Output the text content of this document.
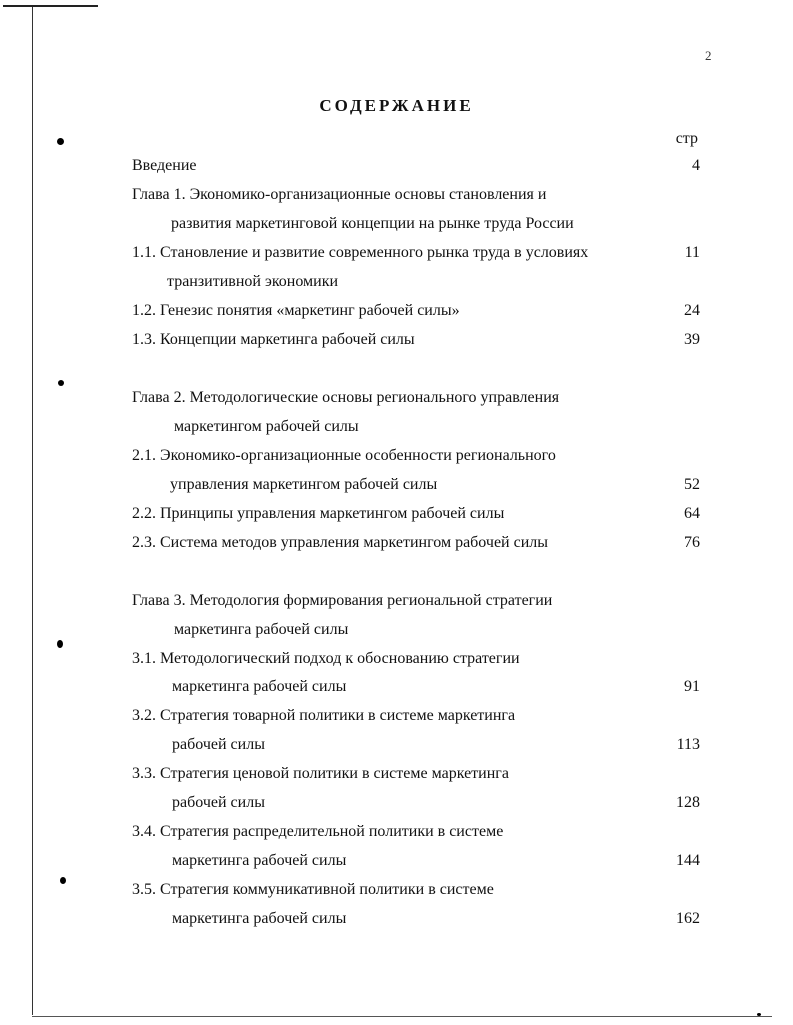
2
СОДЕРЖАНИЕ
стр
Введение	4
Глава 1. Экономико-организационные основы становления и
развития маркетинговой концепции на рынке труда России
1.1. Становление и развитие современного рынка труда в условиях	11
транзитивной экономики
1.2. Генезис понятия «маркетинг рабочей силы»	24
1.3. Концепции маркетинга рабочей силы	39
Глава 2. Методологические основы регионального управления
маркетингом рабочей силы
2.1. Экономико-организационные особенности регионального
управления маркетингом рабочей силы	52
2.2. Принципы управления маркетингом рабочей силы	64
2.3. Система методов управления маркетингом рабочей силы	76
Глава 3. Методология формирования региональной стратегии
маркетинга рабочей силы
3.1. Методологический подход к обоснованию стратегии
маркетинга рабочей силы	91
3.2. Стратегия товарной политики в системе маркетинга
рабочей силы	113
3.3. Стратегия ценовой политики в системе маркетинга
рабочей силы	128
3.4. Стратегия распределительной политики в системе
маркетинга рабочей силы	144
3.5. Стратегия коммуникативной политики в системе
маркетинга рабочей силы	162
